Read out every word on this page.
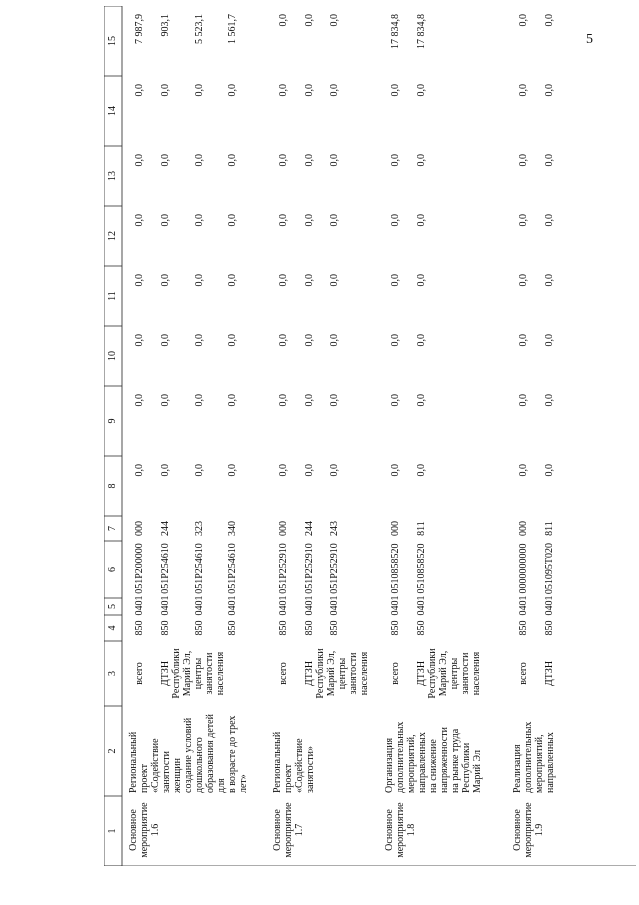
5
1
2
3
4
5
6
7
8
9
10
11
12
13
14
15
Основное мероприятие 1.6
Региональный проект «Содействие занятости женщин создание условий дошкольного образования детей для в возрасте до трех лет»
всего
850
0401
051P200000
000
0,0
0,0
0,0
0,0
0,0
0,0
0,0
7 987,9
ДТЗН Республики Марий Эл, центры занятости населения
850
0401
051P254610
244
0,0
0,0
0,0
0,0
0,0
0,0
0,0
903,1
850
0401
051P254610
323
0,0
0,0
0,0
0,0
0,0
0,0
0,0
5 523,1
850
0401
051P254610
340
0,0
0,0
0,0
0,0
0,0
0,0
0,0
1 561,7
Основное мероприятие 1.7
Региональный проект «Содействие занятости»
всего
850
0401
051P252910
000
0,0
0,0
0,0
0,0
0,0
0,0
0,0
0,0
ДТЗН Республики Марий Эл, центры занятости населения
850
0401
051P252910
244
0,0
0,0
0,0
0,0
0,0
0,0
0,0
0,0
850
0401
051P252910
243
0,0
0,0
0,0
0,0
0,0
0,0
0,0
0,0
Основное мероприятие 1.8
Организация дополнительных мероприятий, направленных на снижение напряженности на рынке труда Республики Марий Эл
всего
850
0401
0510858520
000
0,0
0,0
0,0
0,0
0,0
0,0
0,0
17 834,8
ДТЗН Республики Марий Эл, центры занятости населения
850
0401
0510858520
811
0,0
0,0
0,0
0,0
0,0
0,0
0,0
17 834,8
Основное мероприятие 1.9
Реализация дополнительных мероприятий, направленных
всего
850
0401
0000000000
000
0,0
0,0
0,0
0,0
0,0
0,0
0,0
0,0
ДТЗН
850
0401
051095Т020
811
0,0
0,0
0,0
0,0
0,0
0,0
0,0
0,0
